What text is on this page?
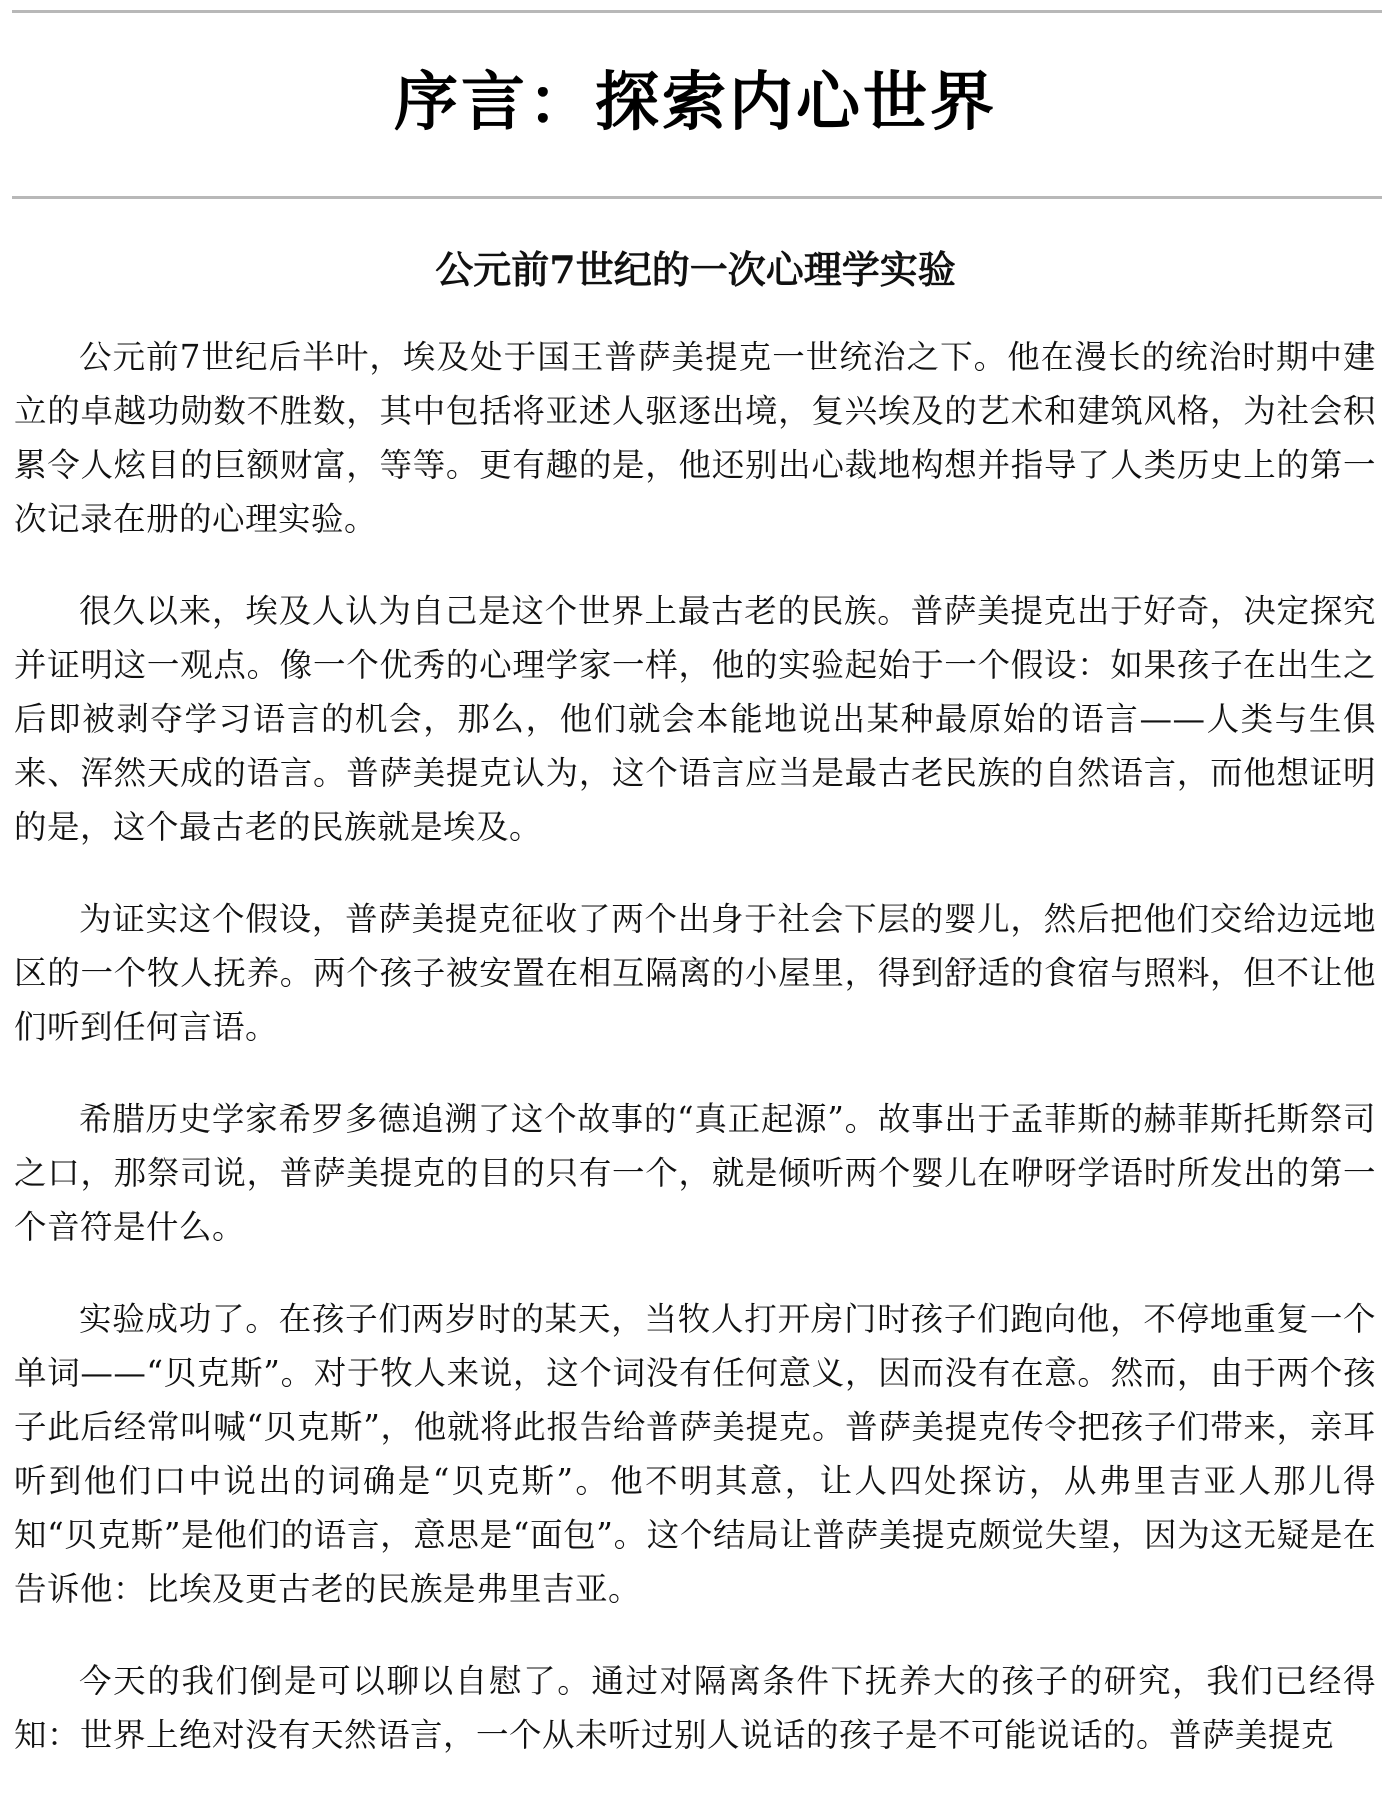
序言：探索内心世界
公元前7世纪的一次心理学实验

公元前7世纪后半叶，埃及处于国王普萨美提克一世统治之下。他在漫长的统治时期中建立的卓越功勋数不胜数，其中包括将亚述人驱逐出境，复兴埃及的艺术和建筑风格，为社会积累令人炫目的巨额财富，等等。更有趣的是，他还别出心裁地构想并指导了人类历史上的第一次记录在册的心理实验。

很久以来，埃及人认为自己是这个世界上最古老的民族。普萨美提克出于好奇，决定探究并证明这一观点。像一个优秀的心理学家一样，他的实验起始于一个假设：如果孩子在出生之后即被剥夺学习语言的机会，那么，他们就会本能地说出某种最原始的语言——人类与生俱来、浑然天成的语言。普萨美提克认为，这个语言应当是最古老民族的自然语言，而他想证明的是，这个最古老的民族就是埃及。

为证实这个假设，普萨美提克征收了两个出身于社会下层的婴儿，然后把他们交给边远地区的一个牧人抚养。两个孩子被安置在相互隔离的小屋里，得到舒适的食宿与照料，但不让他们听到任何言语。

希腊历史学家希罗多德追溯了这个故事的“真正起源”。故事出于孟菲斯的赫菲斯托斯祭司之口，那祭司说，普萨美提克的目的只有一个，就是倾听两个婴儿在咿呀学语时所发出的第一个音符是什么。

实验成功了。在孩子们两岁时的某天，当牧人打开房门时孩子们跑向他，不停地重复一个单词——“贝克斯”。对于牧人来说，这个词没有任何意义，因而没有在意。然而，由于两个孩子此后经常叫喊“贝克斯”，他就将此报告给普萨美提克。普萨美提克传令把孩子们带来，亲耳听到他们口中说出的词确是“贝克斯”。他不明其意，让人四处探访，从弗里吉亚人那儿得知“贝克斯”是他们的语言，意思是“面包”。这个结局让普萨美提克颇觉失望，因为这无疑是在告诉他：比埃及更古老的民族是弗里吉亚。

今天的我们倒是可以聊以自慰了。通过对隔离条件下抚养大的孩子的研究，我们已经得知：世界上绝对没有天然语言，一个从未听过别人说话的孩子是不可能说话的。普萨美提克
